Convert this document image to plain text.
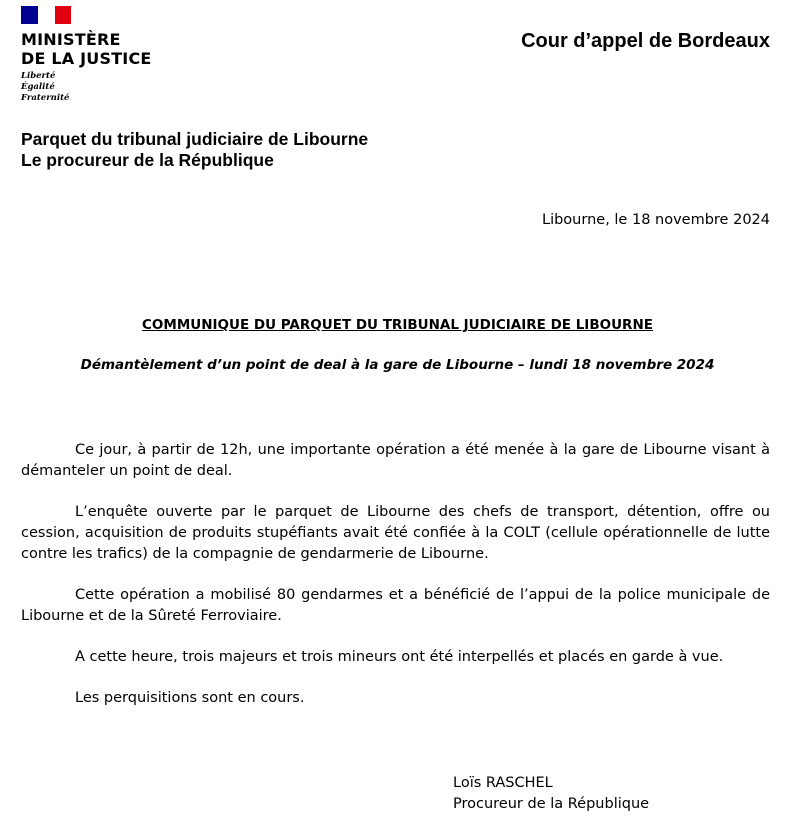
MINISTÈRE
DE LA JUSTICE
Liberté
Égalité
Fraternité
Cour d’appel de Bordeaux
Parquet du tribunal judiciaire de Libourne
Le procureur de la République
Libourne, le 18 novembre 2024
COMMUNIQUE DU PARQUET DU TRIBUNAL JUDICIAIRE DE LIBOURNE
Démantèlement d’un point de deal à la gare de Libourne – lundi 18 novembre 2024

Ce jour, à partir de 12h, une importante opération a été menée à la gare de Libourne visant à démanteler un point de deal.

L’enquête ouverte par le parquet de Libourne des chefs de transport, détention, offre ou cession, acquisition de produits stupéfiants avait été confiée à la COLT (cellule opérationnelle de lutte contre les trafics) de la compagnie de gendarmerie de Libourne.

Cette opération a mobilisé 80 gendarmes et a bénéficié de l’appui de la police municipale de Libourne et de la Sûreté Ferroviaire.

A cette heure, trois majeurs et trois mineurs ont été interpellés et placés en garde à vue.

Les perquisitions sont en cours.

Loïs RASCHEL
Procureur de la République
